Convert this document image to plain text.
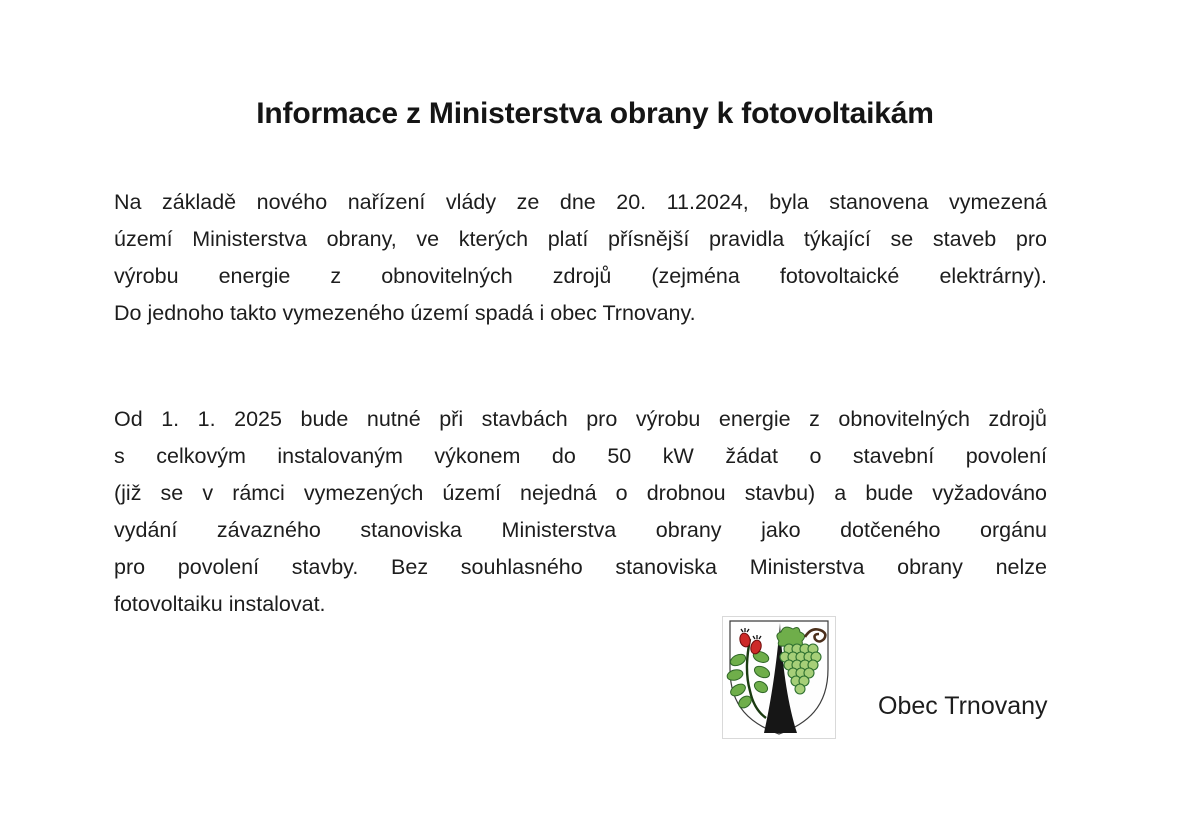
Informace z Ministerstva obrany k fotovoltaikám
Na základě nového nařízení vlády ze dne 20. 11.2024, byla stanovena vymezená
území Ministerstva obrany, ve kterých platí přísnější pravidla týkající se staveb pro
výrobu energie z obnovitelných zdrojů (zejména fotovoltaické elektrárny).
Do jednoho takto vymezeného území spadá i obec Trnovany.
Od 1. 1. 2025 bude nutné při stavbách pro výrobu energie z obnovitelných zdrojů
s celkovým instalovaným výkonem do 50 kW žádat o stavební povolení
(již se v rámci vymezených území nejedná o drobnou stavbu) a bude vyžadováno
vydání závazného stanoviska Ministerstva obrany jako dotčeného orgánu
pro povolení stavby. Bez souhlasného stanoviska Ministerstva obrany nelze
fotovoltaiku instalovat.
Obec Trnovany
